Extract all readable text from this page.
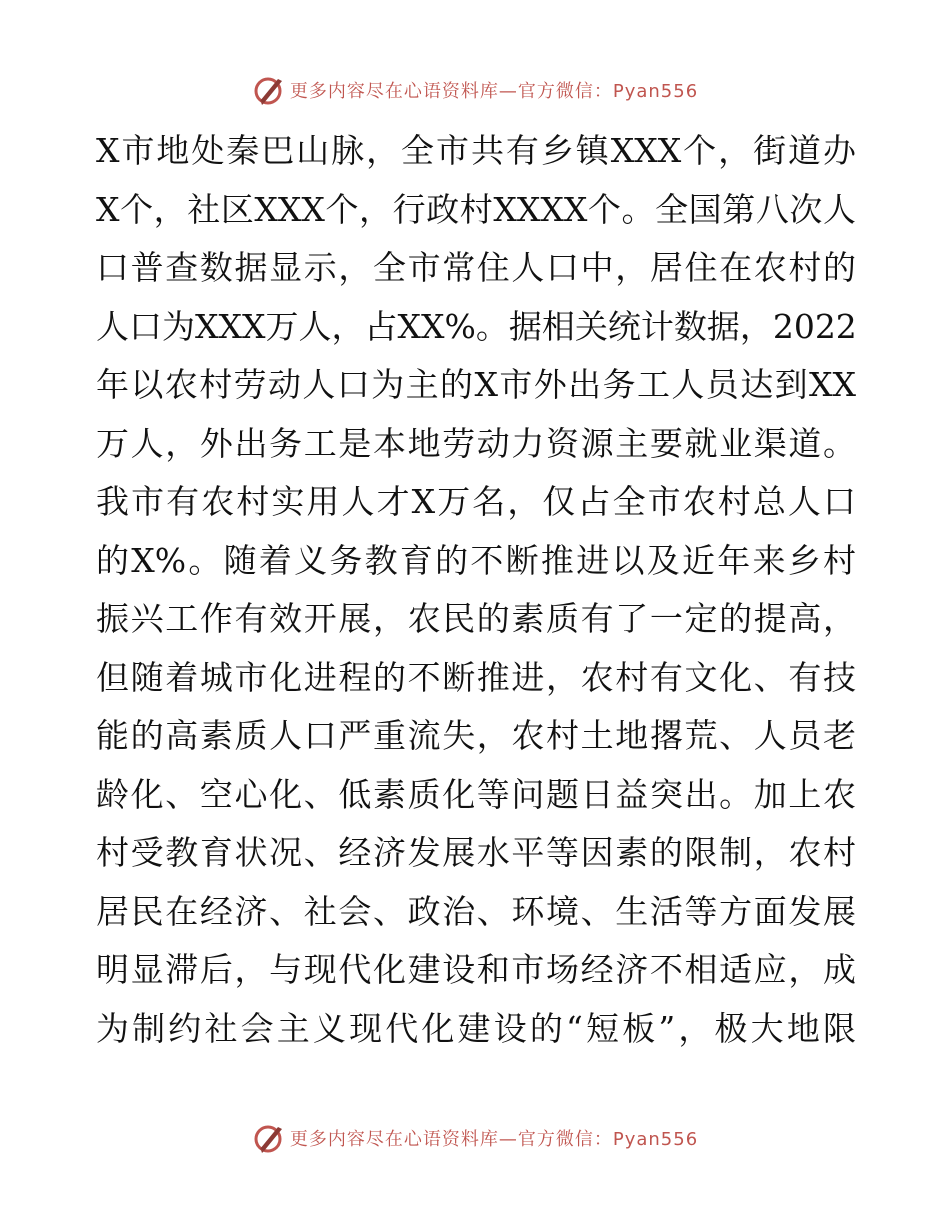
更多内容尽在心语资料库—官方微信：Pyan556
X市地处秦巴山脉，全市共有乡镇XXX个，街道办
X个，社区XXX个，行政村XXXX个。全国第八次人
口普查数据显示，全市常住人口中，居住在农村的
人口为XXX万人，占XX%。据相关统计数据，2022
年以农村劳动人口为主的X市外出务工人员达到XX
万人，外出务工是本地劳动力资源主要就业渠道。
我市有农村实用人才X万名，仅占全市农村总人口
的X%。随着义务教育的不断推进以及近年来乡村
振兴工作有效开展，农民的素质有了一定的提高，
但随着城市化进程的不断推进，农村有文化、有技
能的高素质人口严重流失，农村土地撂荒、人员老
龄化、空心化、低素质化等问题日益突出。加上农
村受教育状况、经济发展水平等因素的限制，农村
居民在经济、社会、政治、环境、生活等方面发展
明显滞后，与现代化建设和市场经济不相适应，成
为制约社会主义现代化建设的“短板”，极大地限
更多内容尽在心语资料库—官方微信：Pyan556
